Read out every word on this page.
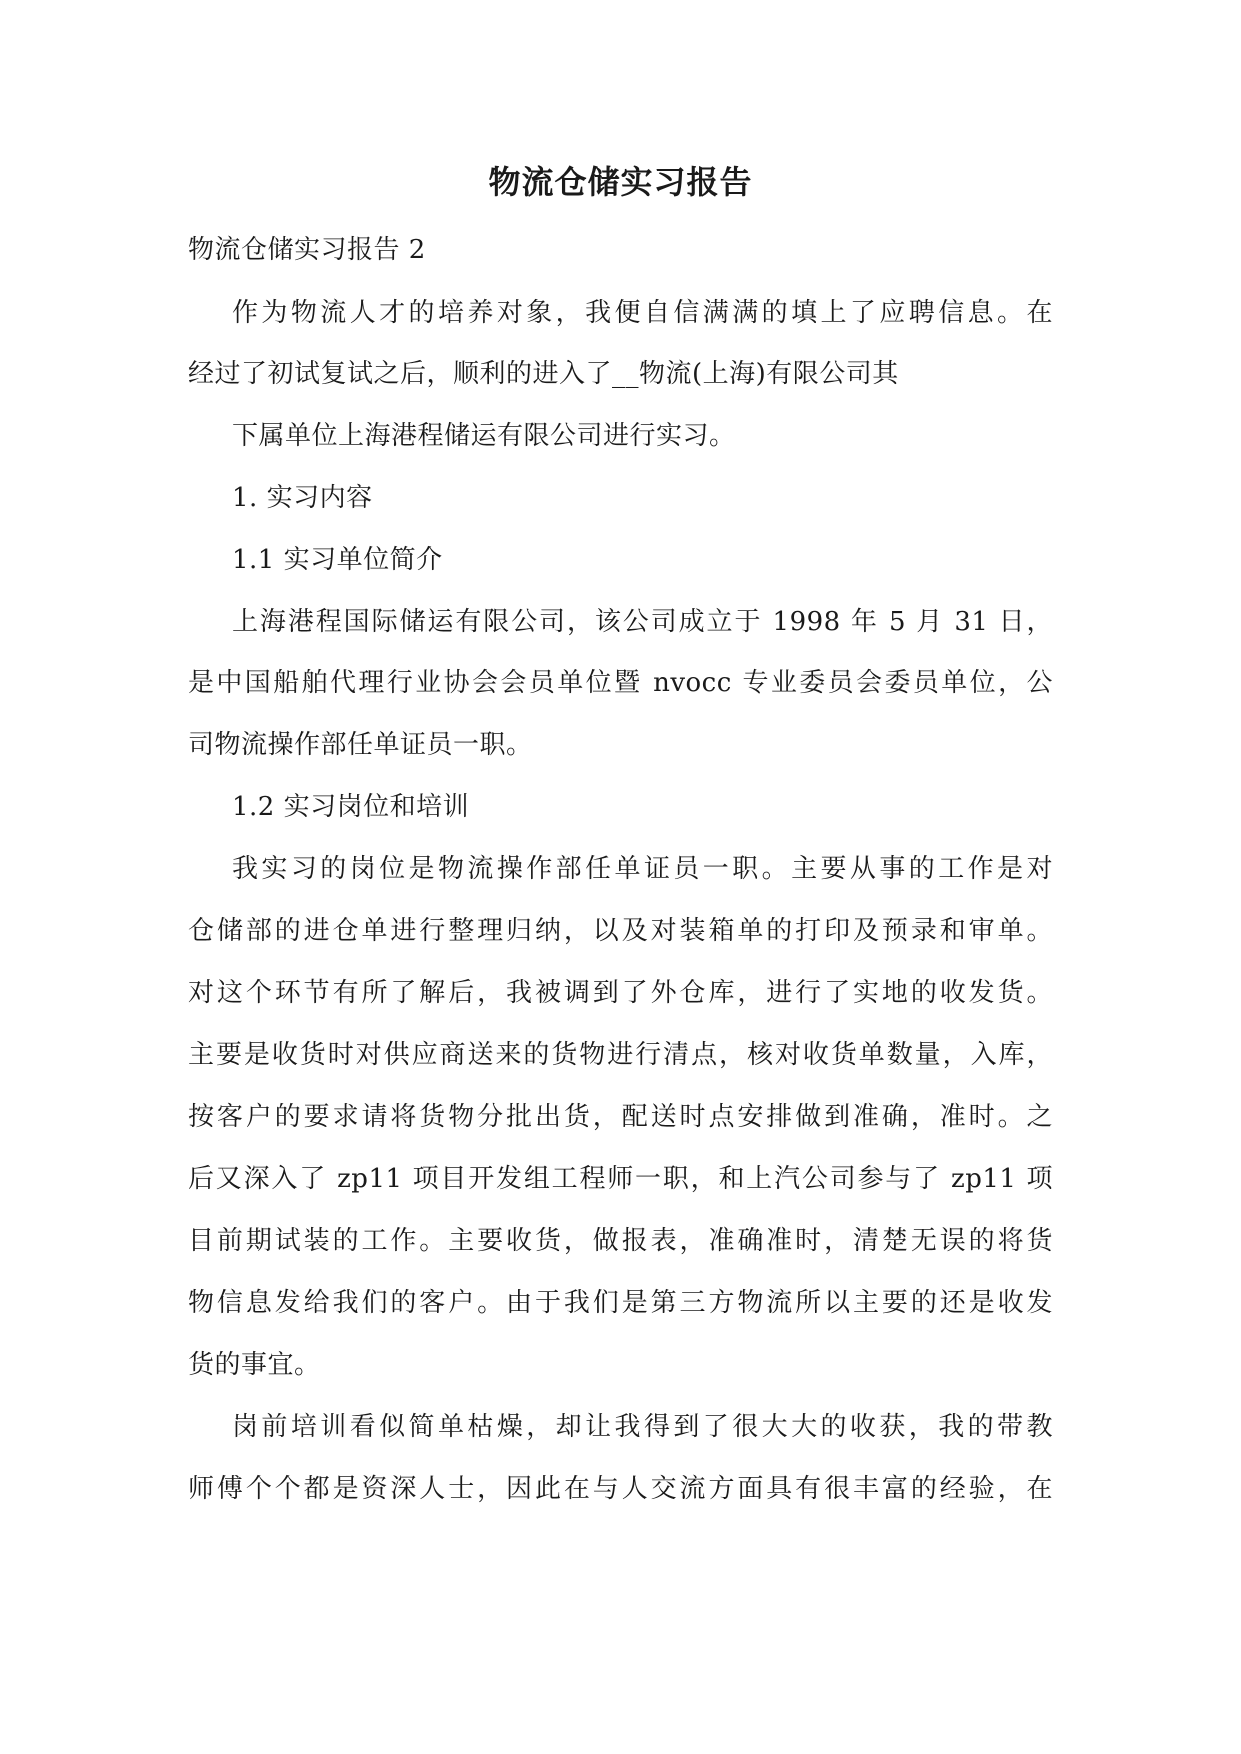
物流仓储实习报告
物流仓储实习报告 2
作为物流人才的培养对象，我便自信满满的填上了应聘信息。在
经过了初试复试之后，顺利的进入了__物流(上海)有限公司其
下属单位上海港程储运有限公司进行实习。
1. 实习内容
1.1 实习单位简介
上海港程国际储运有限公司，该公司成立于 1998 年 5 月 31 日，
是中国船舶代理行业协会会员单位暨 nvocc 专业委员会委员单位，公
司物流操作部任单证员一职。
1.2 实习岗位和培训
我实习的岗位是物流操作部任单证员一职。主要从事的工作是对
仓储部的进仓单进行整理归纳，以及对装箱单的打印及预录和审单。
对这个环节有所了解后，我被调到了外仓库，进行了实地的收发货。
主要是收货时对供应商送来的货物进行清点，核对收货单数量，入库，
按客户的要求请将货物分批出货，配送时点安排做到准确，准时。之
后又深入了 zp11 项目开发组工程师一职，和上汽公司参与了 zp11 项
目前期试装的工作。主要收货，做报表，准确准时，清楚无误的将货
物信息发给我们的客户。由于我们是第三方物流所以主要的还是收发
货的事宜。
岗前培训看似简单枯燥，却让我得到了很大大的收获，我的带教
师傅个个都是资深人士，因此在与人交流方面具有很丰富的经验，在
